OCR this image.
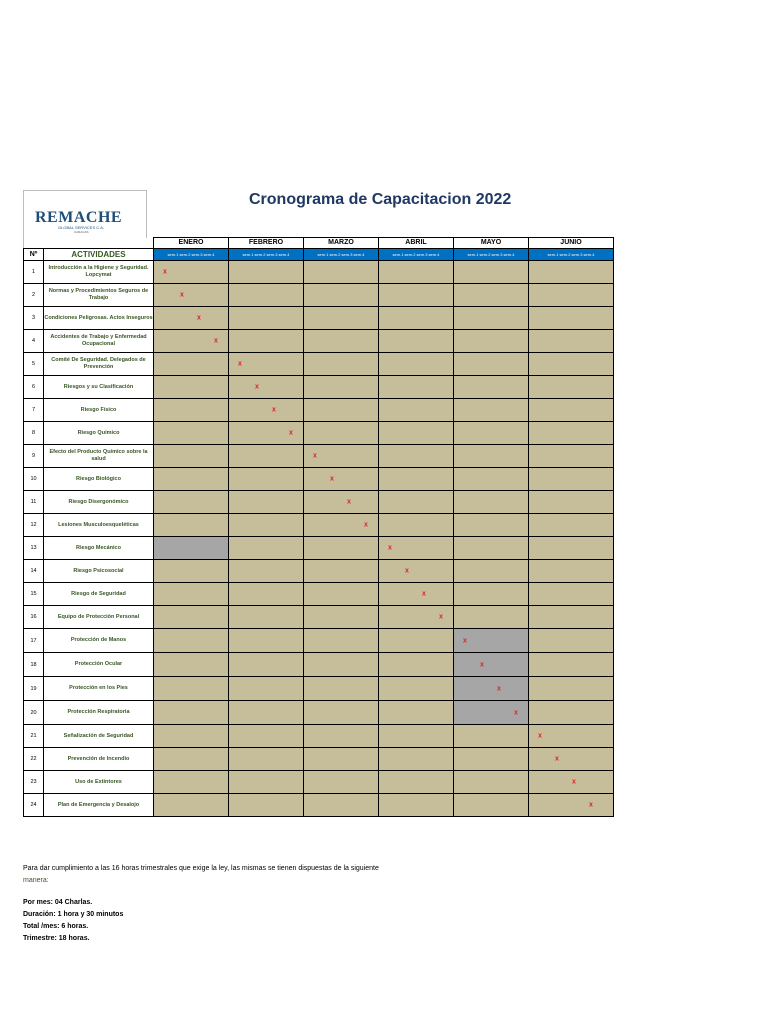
REMACHE
GLOBAL SERVICES C.A.
CARACAS
Cronograma de Capacitacion 2022
		ENERO	FEBRERO	MARZO	ABRIL	MAYO	JUNIO
Nº	ACTIVIDADES	sem.1 sem.2 sem.3 sem.4	sem.1 sem.2 sem.3 sem.4	sem.1 sem.2 sem.3 sem.4	sem.1 sem.2 sem.3 sem.4	sem.1 sem.2 sem.3 sem.4	sem.1 sem.2 sem.3 sem.4
1	Introducción a la Higiene y Seguridad. Lopcymat	x					

2	Normas y Procedimientos Seguros de Trabajo	x					

3	Condiciones Peligrosas. Actos Inseguros	x					

4	Accidentes de Trabajo y Enfermedad Ocupacional	x					

5	Comité De Seguridad. Delegados de Prevención		x				

6	Riesgos y su Clasificación		x				

7	Riesgo Físico		x				

8	Riesgo Químico		x				

9	Efecto del Producto Químico sobre la salud			x			

10	Riesgo Biológico			x			

11	Riesgo Disergonómico			x			

12	Lesiones Musculoesqueléticas			x			

13	Riesgo Mecánico				x		

14	Riesgo Psicosocial				x		

15	Riesgo de Seguridad				x		

16	Equipo de Protección Personal				x		

17	Protección de Manos					x	

18	Protección Ocular					x	

19	Protección en los Pies					x	

20	Protección Respiratoria					x	

21	Señalización de Seguridad						x

22	Prevención de Incendio						x

23	Uso de Extintores						x

24	Plan de Emergencia y Desalojo						x
Para dar cumplimiento a las 16 horas trimestrales que exige la ley, las mismas se tienen dispuestas de la siguiente
manera:
Por mes: 04 Charlas.
Duración: 1 hora y 30 minutos
Total /mes: 6 horas.
Trimestre: 18 horas.
